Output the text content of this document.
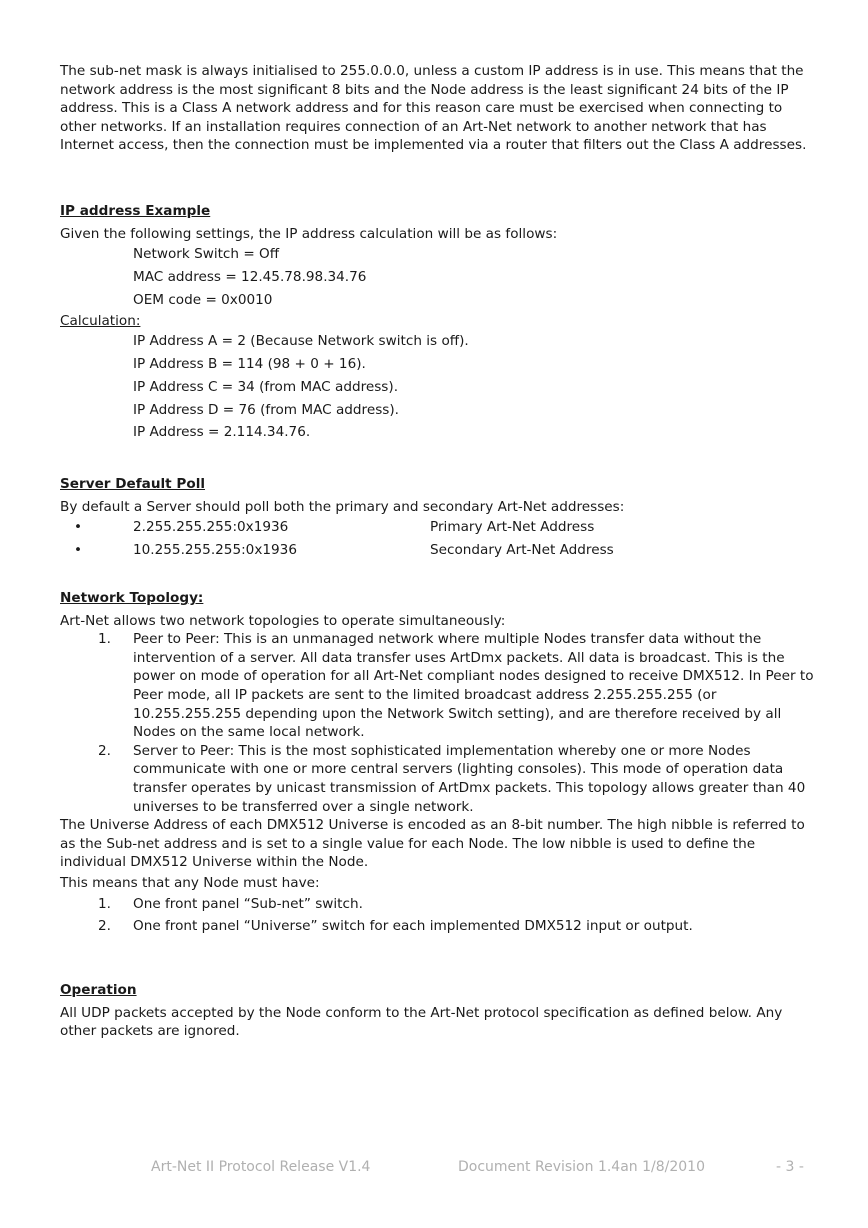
The sub-net mask is always initialised to 255.0.0.0, unless a custom IP address is in use. This means that the network address is the most significant 8 bits and the Node address is the least significant 24 bits of the IP address. This is a Class A network address and for this reason care must be exercised when connecting to other networks. If an installation requires connection of an Art-Net network to another network that has Internet access, then the connection must be implemented via a router that filters out the Class A addresses.

IP address Example

Given the following settings, the IP address calculation will be as follows:

Network Switch = Off

MAC address = 12.45.78.98.34.76

OEM code = 0x0010

Calculation:

IP Address A = 2 (Because Network switch is off).

IP Address B = 114 (98 + 0 + 16).

IP Address C = 34 (from MAC address).

IP Address D = 76 (from MAC address).

IP Address = 2.114.34.76.

Server Default Poll

By default a Server should poll both the primary and secondary Art-Net addresses:

•	2.255.255.255:0x1936	Primary Art-Net Address
•	10.255.255.255:0x1936	Secondary Art-Net Address

Network Topology:

Art-Net allows two network topologies to operate simultaneously:

1.	Peer to Peer: This is an unmanaged network where multiple Nodes transfer data without the intervention of a server. All data transfer uses ArtDmx packets. All data is broadcast. This is the power on mode of operation for all Art-Net compliant nodes designed to receive DMX512. In Peer to Peer mode, all IP packets are sent to the limited broadcast address 2.255.255.255 (or 10.255.255.255 depending upon the Network Switch setting), and are therefore received by all Nodes on the same local network.
2.	Server to Peer: This is the most sophisticated implementation whereby one or more Nodes communicate with one or more central servers (lighting consoles). This mode of operation data transfer operates by unicast transmission of ArtDmx packets. This topology allows greater than 40 universes to be transferred over a single network.

The Universe Address of each DMX512 Universe is encoded as an 8-bit number. The high nibble is referred to as the Sub-net address and is set to a single value for each Node. The low nibble is used to define the individual DMX512 Universe within the Node.

This means that any Node must have:

1.	One front panel “Sub-net” switch.
2.	One front panel “Universe” switch for each implemented DMX512 input or output.

Operation

All UDP packets accepted by the Node conform to the Art-Net protocol specification as defined below. Any other packets are ignored.

Art-Net II Protocol Release V1.4	Document Revision 1.4an 1/8/2010	- 3 -
